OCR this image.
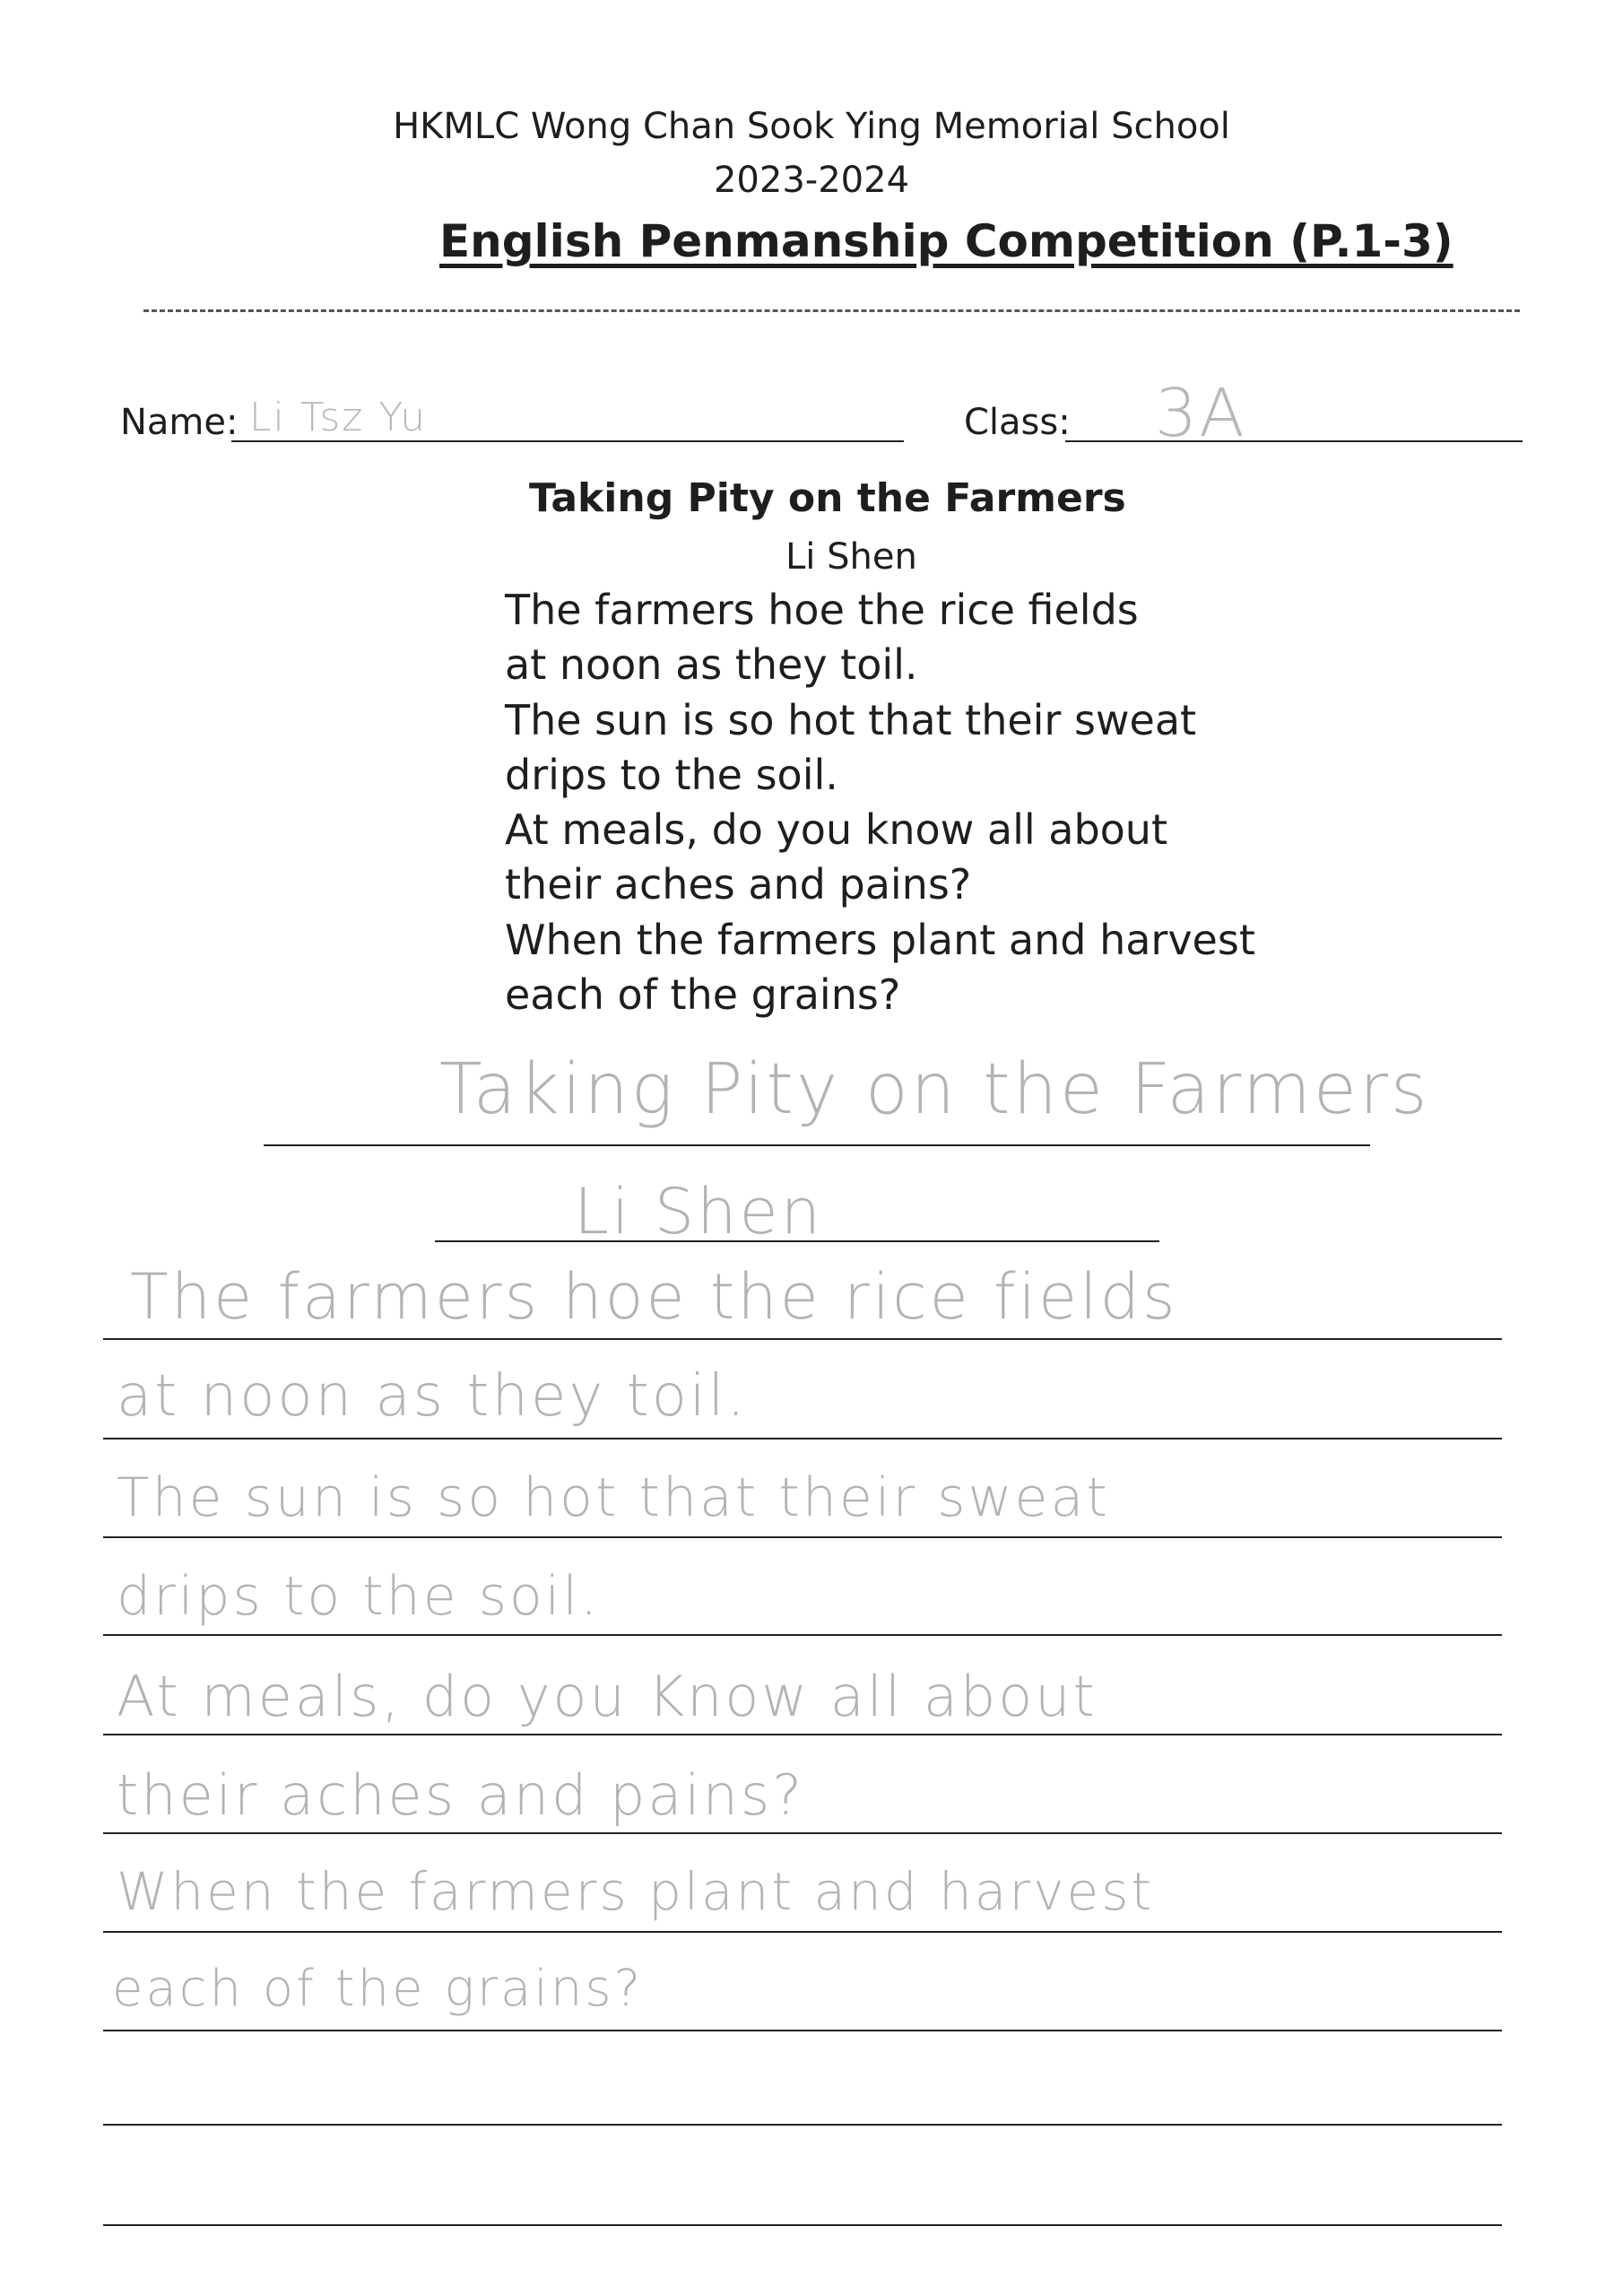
HKMLC Wong Chan Sook Ying Memorial School
2023-2024
English Penmanship Competition (P.1-3)
Name: Li Tsz Yu	Class: 3A
Taking Pity on the Farmers
Li Shen
The farmers hoe the rice fields
at noon as they toil.
The sun is so hot that their sweat
drips to the soil.
At meals, do you know all about
their aches and pains?
When the farmers plant and harvest
each of the grains?
Taking Pity on the Farmers
Li Shen
The farmers hoe the rice fields
at noon as they toil.
The sun is so hot that their sweat
drips to the soil.
At meals, do you Know all about
their aches and pains?
When the farmers plant and harvest
each of the grains?
